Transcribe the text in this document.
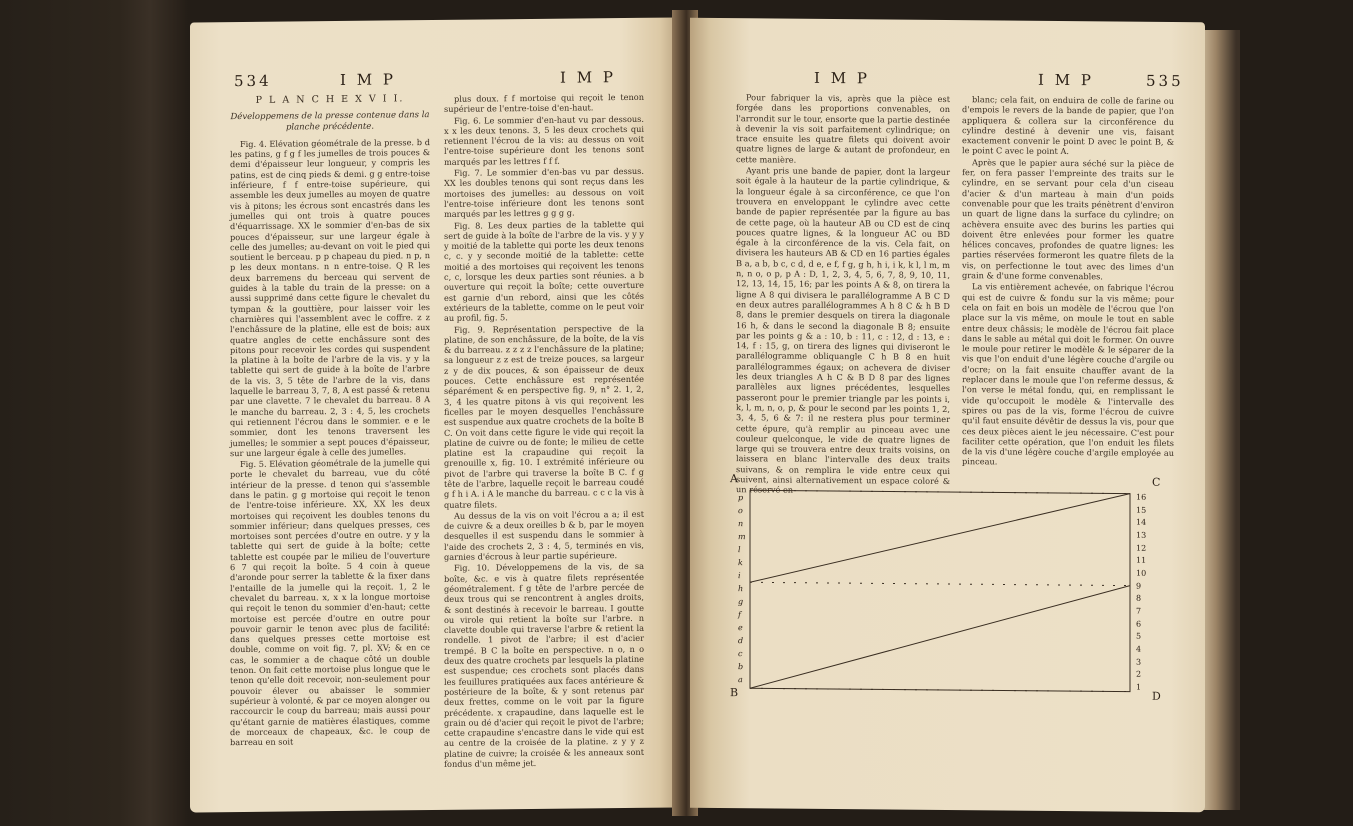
534	I M P	I M P
P L A N C H E X V I I.
Développemens de la presse contenue dans la planche précédente.

Fig. 4. Elévation géométrale de la presse. b d les patins, g f g f les jumelles de trois pouces & demi d'épaisseur leur longueur, y compris les patins, est de cinq pieds & demi. g g entre-toise inférieure, f f entre-toise supérieure, qui assemble les deux jumelles au moyen de quatre vis à pitons; les écrous sont encastrés dans les jumelles qui ont trois à quatre pouces d'équarrissage. XX le sommier d'en-bas de six pouces d'épaisseur, sur une largeur égale à celle des jumelles; au-devant on voit le pied qui soutient le berceau. p p chapeau du pied. n p, n p les deux montans. n n entre-toise. Q R les deux barremens du berceau qui servent de guides à la table du train de la presse: on a aussi supprimé dans cette figure le chevalet du tympan & la gouttière, pour laisser voir les charnières qui l'assemblent avec le coffre. z z l'enchâssure de la platine, elle est de bois; aux quatre angles de cette enchâssure sont des pitons pour recevoir les cordes qui suspendent la platine à la boîte de l'arbre de la vis. y y la tablette qui sert de guide à la boîte de l'arbre de la vis. 3, 5 tête de l'arbre de la vis, dans laquelle le barreau 3, 7, 8, A est passé & retenu par une clavette. 7 le chevalet du barreau. 8 A le manche du barreau. 2, 3 : 4, 5, les crochets qui retiennent l'écrou dans le sommier. e e le sommier, dont les tenons traversent les jumelles; le sommier a sept pouces d'épaisseur, sur une largeur égale à celle des jumelles.

Fig. 5. Elévation géométrale de la jumelle qui porte le chevalet du barreau, vue du côté intérieur de la presse. d tenon qui s'assemble dans le patin. g g mortoise qui reçoit le tenon de l'entre-toise inférieure. XX, XX les deux mortoises qui reçoivent les doubles tenons du sommier inférieur; dans quelques presses, ces mortoises sont percées d'outre en outre. y y la tablette qui sert de guide à la boîte; cette tablette est coupée par le milieu de l'ouverture 6 7 qui reçoit la boîte. 5 4 coin à queue d'aronde pour serrer la tablette & la fixer dans l'entaille de la jumelle qui la reçoit. 1, 2 le chevalet du barreau. x, x x la longue mortoise qui reçoit le tenon du sommier d'en-haut; cette mortoise est percée d'outre en outre pour pouvoir garnir le tenon avec plus de facilité: dans quelques presses cette mortoise est double, comme on voit fig. 7, pl. XV; & en ce cas, le sommier a de chaque côté un double tenon. On fait cette mortoise plus longue que le tenon qu'elle doit recevoir, non-seulement pour pouvoir élever ou abaisser le sommier supérieur à volonté, & par ce moyen alonger ou raccourcir le coup du barreau; mais aussi pour qu'étant garnie de matières élastiques, comme de morceaux de chapeaux, &c. le coup de barreau en soit

plus doux. f f mortoise qui reçoit le tenon supérieur de l'entre-toise d'en-haut.

Fig. 6. Le sommier d'en-haut vu par dessous. x x les deux tenons. 3, 5 les deux crochets qui retiennent l'écrou de la vis: au dessus on voit l'entre-toise supérieure dont les tenons sont marqués par les lettres f f f.

Fig. 7. Le sommier d'en-bas vu par dessus. XX les doubles tenons qui sont reçus dans les mortoises des jumelles: au dessous on voit l'entre-toise inférieure dont les tenons sont marqués par les lettres g g g g.

Fig. 8. Les deux parties de la tablette qui sert de guide à la boîte de l'arbre de la vis. y y y y moitié de la tablette qui porte les deux tenons c, c. y y seconde moitié de la tablette: cette moitié a des mortoises qui reçoivent les tenons c, c, lorsque les deux parties sont réunies. a b ouverture qui reçoit la boîte; cette ouverture est garnie d'un rebord, ainsi que les côtés extérieurs de la tablette, comme on le peut voir au profil, fig. 5.

Fig. 9. Représentation perspective de la platine, de son enchâssure, de la boîte, de la vis & du barreau. z z z z l'enchâssure de la platine; sa longueur z z est de treize pouces, sa largeur z y de dix pouces, & son épaisseur de deux pouces. Cette enchâssure est représentée séparément & en perspective fig. 9, n° 2. 1, 2, 3, 4 les quatre pitons à vis qui reçoivent les ficelles par le moyen desquelles l'enchâssure est suspendue aux quatre crochets de la boîte B C. On voit dans cette figure le vide qui reçoit la platine de cuivre ou de fonte; le milieu de cette platine est la crapaudine qui reçoit la grenouille x, fig. 10. I extrémité inférieure ou pivot de l'arbre qui traverse la boîte B C. f g tête de l'arbre, laquelle reçoit le barreau coudé g f h i A. i A le manche du barreau. c c c la vis à quatre filets.

Au dessus de la vis on voit l'écrou a a; il est de cuivre & a deux oreilles b & b, par le moyen desquelles il est suspendu dans le sommier à l'aide des crochets 2, 3 : 4, 5, terminés en vis, garnies d'écrous à leur partie supérieure.

Fig. 10. Développemens de la vis, de sa boîte, &c. e vis à quatre filets représentée géométralement. f g tête de l'arbre percée de deux trous qui se rencontrent à angles droits, & sont destinés à recevoir le barreau. I goutte ou virole qui retient la boîte sur l'arbre. n clavette double qui traverse l'arbre & retient la rondelle. 1 pivot de l'arbre; il est d'acier trempé. B C la boîte en perspective. n o, n o deux des quatre crochets par lesquels la platine est suspendue; ces crochets sont placés dans les feuillures pratiquées aux faces antérieure & postérieure de la boîte, & y sont retenus par deux frettes, comme on le voit par la figure précédente. x crapaudine, dans laquelle est le grain ou dé d'acier qui reçoit le pivot de l'arbre; cette crapaudine s'encastre dans le vide qui est au centre de la croisée de la platine. z y y z platine de cuivre; la croisée & les anneaux sont fondus d'un même jet.

I M P	I M P	535

Pour fabriquer la vis, après que la pièce est forgée dans les proportions convenables, on l'arrondit sur le tour, ensorte que la partie destinée à devenir la vis soit parfaitement cylindrique; on trace ensuite les quatre filets qui doivent avoir quatre lignes de large & autant de profondeur, en cette manière.

Ayant pris une bande de papier, dont la largeur soit égale à la hauteur de la partie cylindrique, & la longueur égale à sa circonférence, ce que l'on trouvera en enveloppant le cylindre avec cette bande de papier représentée par la figure au bas de cette page, où la hauteur AB ou CD est de cinq pouces quatre lignes, & la longueur AC ou BD égale à la circonférence de la vis. Cela fait, on divisera les hauteurs AB & CD en 16 parties égales B a, a b, b c, c d, d e, e f, f g, g h, h i, i k, k l, l m, m n, n o, o p, p A : D, 1, 2, 3, 4, 5, 6, 7, 8, 9, 10, 11, 12, 13, 14, 15, 16; par les points A & 8, on tirera la ligne A 8 qui divisera le parallélogramme A B C D en deux autres parallélogrammes A h 8 C & h B D 8, dans le premier desquels on tirera la diagonale 16 h, & dans le second la diagonale B 8; ensuite par les points g & a : 10, b : 11, c : 12, d : 13, e : 14, f : 15, g, on tirera des lignes qui diviseront le parallélogramme obliquangle C h B 8 en huit parallélogrammes égaux; on achevera de diviser les deux triangles A h C & B D 8 par des lignes parallèles aux lignes précédentes, lesquelles passeront pour le premier triangle par les points i, k, l, m, n, o, p, & pour le second par les points 1, 2, 3, 4, 5, 6 & 7: il ne restera plus pour terminer cette épure, qu'à remplir au pinceau avec une couleur quelconque, le vide de quatre lignes de large qui se trouvera entre deux traits voisins, on laissera en blanc l'intervalle des deux traits suivans, & on remplira le vide entre ceux qui suivent, ainsi alternativement un espace coloré & un réservé en

blanc; cela fait, on enduira de colle de farine ou d'empois le revers de la bande de papier, que l'on appliquera & collera sur la circonférence du cylindre destiné à devenir une vis, faisant exactement convenir le point D avec le point B, & le point C avec le point A.

Après que le papier aura séché sur la pièce de fer, on fera passer l'empreinte des traits sur le cylindre, en se servant pour cela d'un ciseau d'acier & d'un marteau à main d'un poids convenable pour que les traits pénètrent d'environ un quart de ligne dans la surface du cylindre; on achèvera ensuite avec des burins les parties qui doivent être enlevées pour former les quatre hélices concaves, profondes de quatre lignes: les parties réservées formeront les quatre filets de la vis, on perfectionne le tout avec des limes d'un grain & d'une forme convenables.

La vis entièrement achevée, on fabrique l'écrou qui est de cuivre & fondu sur la vis même; pour cela on fait en bois un modèle de l'écrou que l'on place sur la vis même, on moule le tout en sable entre deux châssis; le modèle de l'écrou fait place dans le sable au métal qui doit le former. On ouvre le moule pour retirer le modèle & le séparer de la vis que l'on enduit d'une légère couche d'argile ou d'ocre; on la fait ensuite chauffer avant de la replacer dans le moule que l'on referme dessus, & l'on verse le métal fondu, qui, en remplissant le vide qu'occupoit le modèle & l'intervalle des spires ou pas de la vis, forme l'écrou de cuivre qu'il faut ensuite dévêtir de dessus la vis, pour que ces deux pièces aient le jeu nécessaire. C'est pour faciliter cette opération, que l'on enduit les filets de la vis d'une légère couche d'argile employée au pinceau.

A	C
B	D
p
o
n
m
l
k
i
h
g
f
e
d
c
b
a
16
15
14
13
12
11
10
9
8
7
6
5
4
3
2
1
